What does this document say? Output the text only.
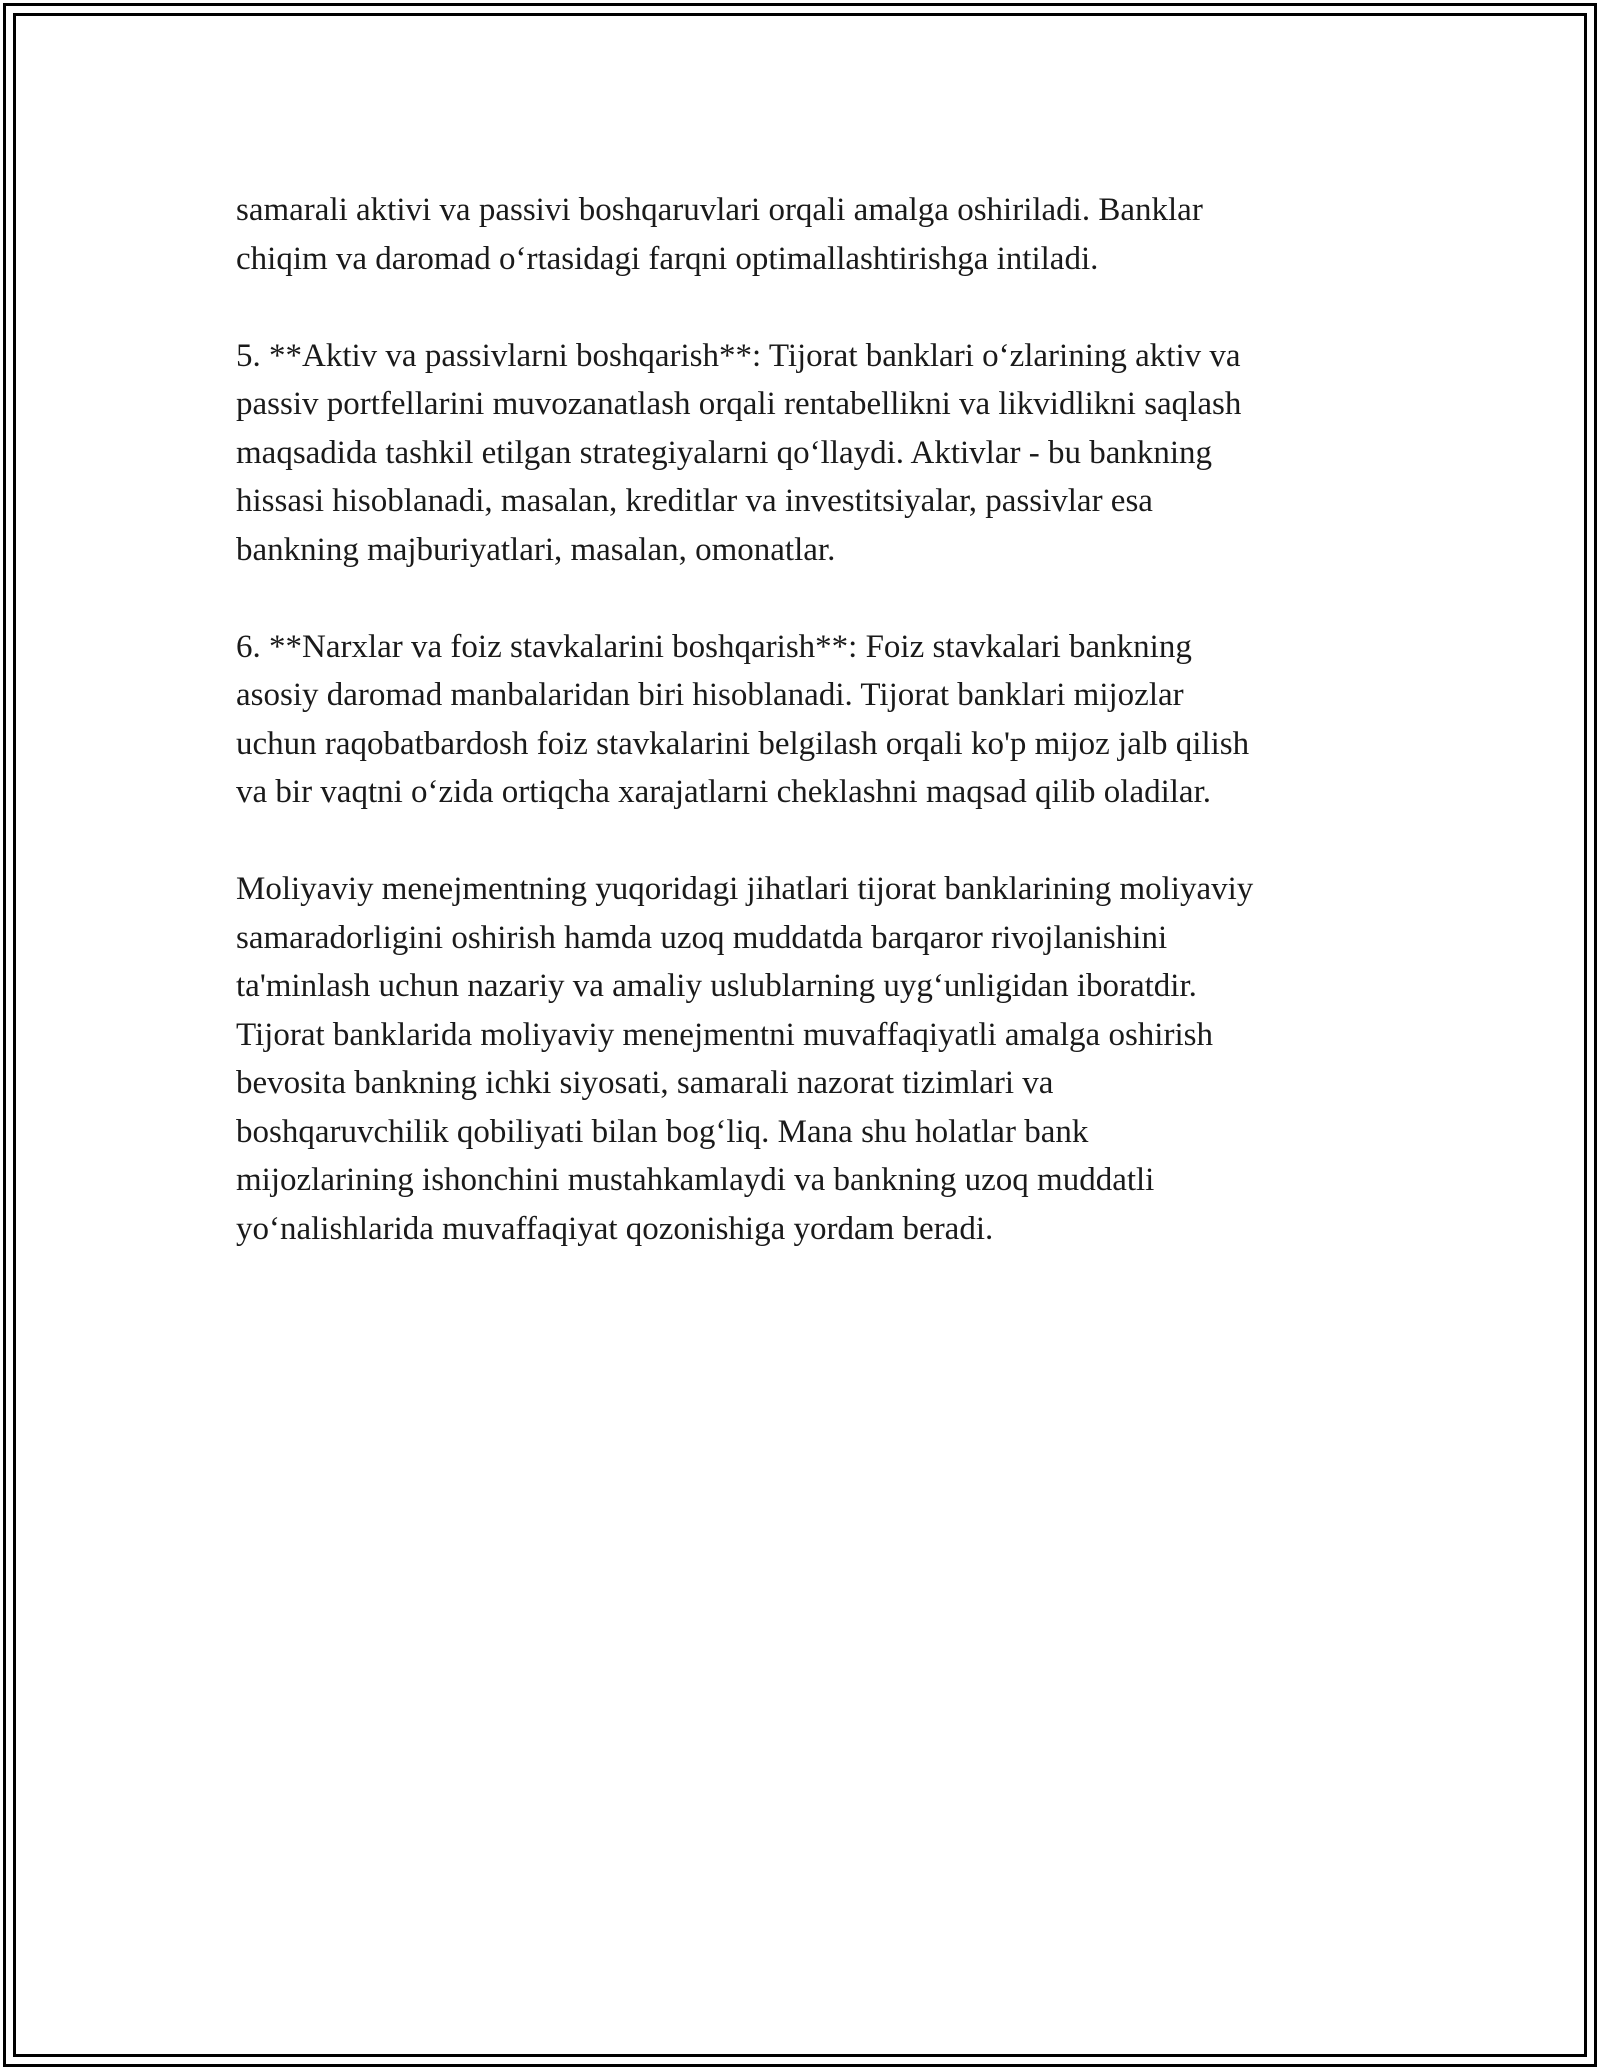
samarali aktivi va passivi boshqaruvlari orqali amalga oshiriladi. Banklar
chiqim va daromad oʻrtasidagi farqni optimallashtirishga intiladi.

5. **Aktiv va passivlarni boshqarish**: Tijorat banklari oʻzlarining aktiv va
passiv portfellarini muvozanatlash orqali rentabellikni va likvidlikni saqlash
maqsadida tashkil etilgan strategiyalarni qoʻllaydi. Aktivlar - bu bankning
hissasi hisoblanadi, masalan, kreditlar va investitsiyalar, passivlar esa
bankning majburiyatlari, masalan, omonatlar.

6. **Narxlar va foiz stavkalarini boshqarish**: Foiz stavkalari bankning
asosiy daromad manbalaridan biri hisoblanadi. Tijorat banklari mijozlar
uchun raqobatbardosh foiz stavkalarini belgilash orqali ko'p mijoz jalb qilish
va bir vaqtni oʻzida ortiqcha xarajatlarni cheklashni maqsad qilib oladilar.

Moliyaviy menejmentning yuqoridagi jihatlari tijorat banklarining moliyaviy
samaradorligini oshirish hamda uzoq muddatda barqaror rivojlanishini
ta'minlash uchun nazariy va amaliy uslublarning uygʻunligidan iboratdir.
Tijorat banklarida moliyaviy menejmentni muvaffaqiyatli amalga oshirish
bevosita bankning ichki siyosati, samarali nazorat tizimlari va
boshqaruvchilik qobiliyati bilan bogʻliq. Mana shu holatlar bank
mijozlarining ishonchini mustahkamlaydi va bankning uzoq muddatli
yoʻnalishlarida muvaffaqiyat qozonishiga yordam beradi.
